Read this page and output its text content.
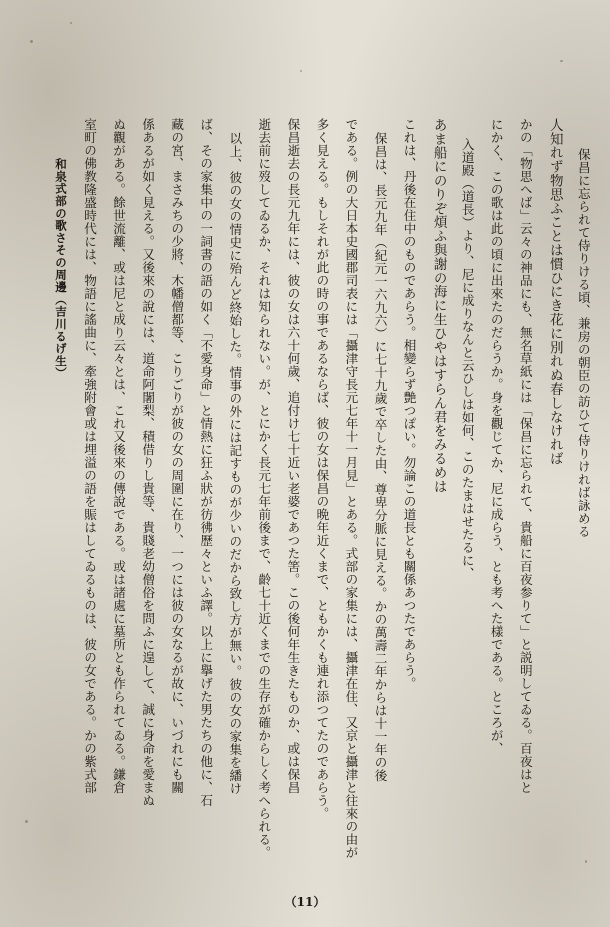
保昌に忘られて侍りける頃、兼房の朝臣の訪ひて侍りければ詠める
人知れず物思ふことは慣ひにき花に別れぬ春しなければ
かの「物思へば」云々の神品にも、無名草紙には「保昌に忘られて、貴船に百夜参りて」と説明してゐる。百夜はと
にかく、この歌は此の頃に出來たのだらうか。身を觀じてか、尼に成らう、とも考へた樣である。ところが、
入道殿（道長）より、尼に成りなんと云ひしは如何、このたまはせたるに、
あま船にのりぞ煩ふ與謝の海に生ひやはすらん君をみるめは
これは、丹後在住中のものであらう。相變らず艶つぽい。勿論この道長とも關係あつたであらう。
保昌は、長元九年（紀元一六九六）に七十九歲で卒した由、尊卑分脈に見える。かの萬壽二年からは十一年の後
である。例の大日本史國郡司表には「攝津守長元七年十一月見」とある。式部の家集には、攝津在住、又京と攝津と往來の由が
多く見える。もしそれが此の時の事であるならば、彼の女は保昌の晩年近くまで、ともかくも連れ添つてたのであらう。
保昌逝去の長元九年には、彼の女は六十何歲、追付け七十近い老婆であつた筈。この後何年生きたものか、或は保昌
逝去前に歿してゐるか、それは知られない。が、とにかく長元七年前後まで、齡七十近くまでの生存が確からしく考へられる。
以上、彼の女の情史に殆んど終始した。情事の外には記すものが少いのだから致し方が無い。彼の女の家集を繙け
ば、その家集中の一詞書の語の如く「不愛身命」と情熱に狂ふ狀が彷彿歷々といふ譯。以上に擧げた男たちの他に、石
藏の宮、まさみちの少將、木幡僧都等、こりごりが彼の女の周圍に在り、一つには彼の女なるが故に、いづれにも關
係あるが如く見える。又後來の說には、道命阿闍梨、積借りし貴等、貴賤老幼僧俗を問ふに遑して、誠に身命を愛まぬ
ぬ觀がある。餘世流離、或は尼と成り云々とは、これ又後來の傳說である。或は諸處に墓所とも作られてゐる。鎌倉
室町の佛教隆盛時代には、物語に謠曲に、牽強附會或は埋溢の語を賑はしてゐるものは、彼の女である。かの紫式部
和泉式部の歌さその周邊（吉川るげ生）
（11）
